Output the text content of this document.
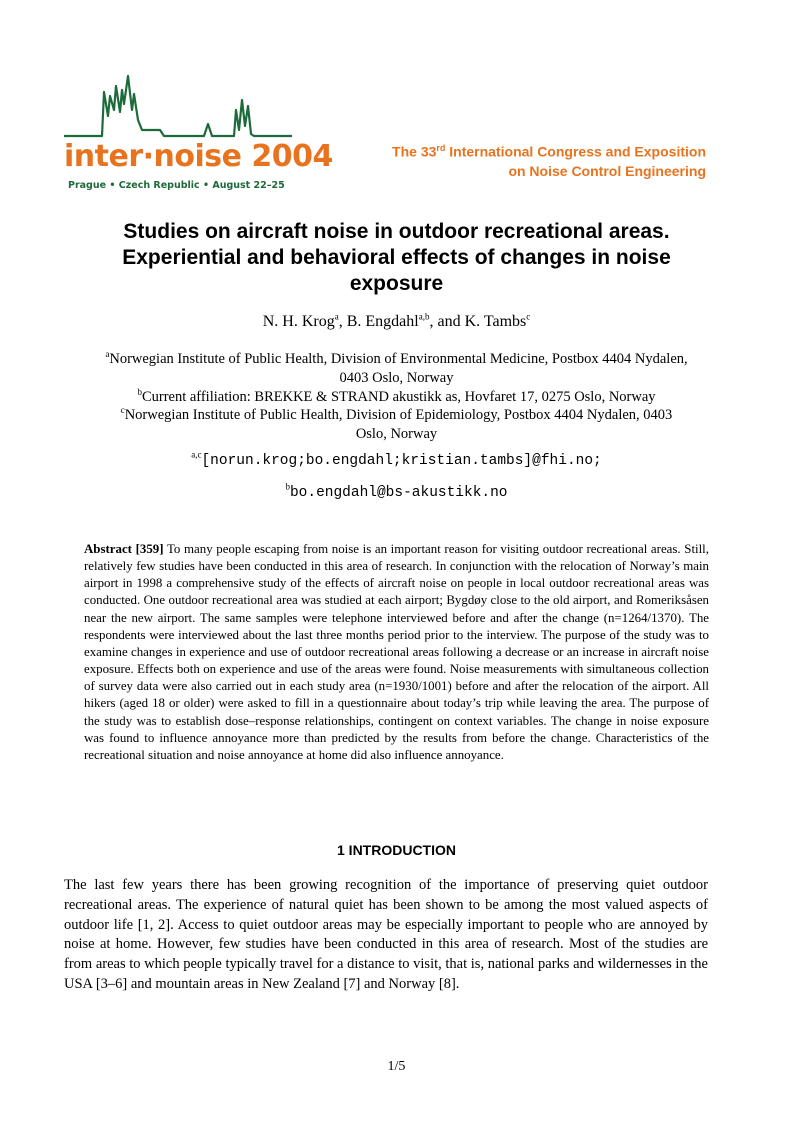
inter·noise 2004
Prague • Czech Republic • August 22–25
The 33rd International Congress and Exposition
on Noise Control Engineering
Studies on aircraft noise in outdoor recreational areas.
Experiential and behavioral effects of changes in noise
exposure
N. H. Krog$^a$, B. Engdahl$^{a,b}$, and K. Tambs$^c$
$^a$Norwegian Institute of Public Health, Division of Environmental Medicine, Postbox 4404 Nydalen,
0403 Oslo, Norway
$^b$Current affiliation: BREKKE & STRAND akustikk as, Hovfaret 17, 0275 Oslo, Norway
$^c$Norwegian Institute of Public Health, Division of Epidemiology, Postbox 4404 Nydalen, 0403
Oslo, Norway
$^{a,c}$[norun.krog;bo.engdahl;kristian.tambs]@fhi.no;
$^b$bo.engdahl@bs-akustikk.no
Abstract [359] To many people escaping from noise is an important reason for visiting outdoor recreational areas. Still, relatively few studies have been conducted in this area of research. In conjunction with the relocation of Norway’s main airport in 1998 a comprehensive study of the effects of aircraft noise on people in local outdoor recreational areas was conducted. One outdoor recreational area was studied at each airport; Bygdøy close to the old airport, and Romeriksåsen near the new airport. The same samples were telephone interviewed before and after the change (n=1264/1370). The respondents were interviewed about the last three months period prior to the interview. The purpose of the study was to examine changes in experience and use of outdoor recreational areas following a decrease or an increase in aircraft noise exposure. Effects both on experience and use of the areas were found. Noise measurements with simultaneous collection of survey data were also carried out in each study area (n=1930/1001) before and after the relocation of the airport. All hikers (aged 18 or older) were asked to fill in a questionnaire about today’s trip while leaving the area. The purpose of the study was to establish dose–response relationships, contingent on context variables. The change in noise exposure was found to influence annoyance more than predicted by the results from before the change. Characteristics of the recreational situation and noise annoyance at home did also influence annoyance.
1 INTRODUCTION
The last few years there has been growing recognition of the importance of preserving quiet outdoor recreational areas. The experience of natural quiet has been shown to be among the most valued aspects of outdoor life [1, 2]. Access to quiet outdoor areas may be especially important to people who are annoyed by noise at home. However, few studies have been conducted in this area of research. Most of the studies are from areas to which people typically travel for a distance to visit, that is, national parks and wildernesses in the USA [3–6] and mountain areas in New Zealand [7] and Norway [8].
1/5
